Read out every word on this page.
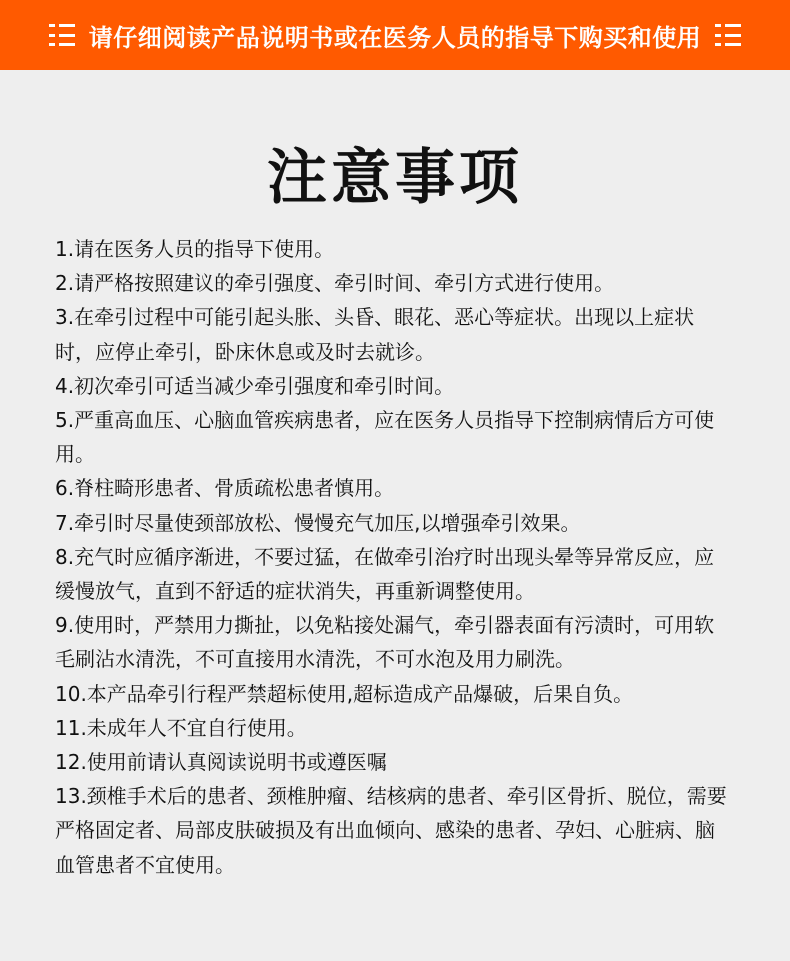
请仔细阅读产品说明书或在医务人员的指导下购买和使用
注意事项
1.请在医务人员的指导下使用。
2.请严格按照建议的牵引强度、牵引时间、牵引方式进行使用。
3.在牵引过程中可能引起头胀、头昏、眼花、恶心等症状。出现以上症状时，应停止牵引，卧床休息或及时去就诊。
4.初次牵引可适当减少牵引强度和牵引时间。
5.严重高血压、心脑血管疾病患者，应在医务人员指导下控制病情后方可使用。
6.脊柱畸形患者、骨质疏松患者慎用。
7.牵引时尽量使颈部放松、慢慢充气加压,以增强牵引效果。
8.充气时应循序渐进，不要过猛，在做牵引治疗时出现头晕等异常反应，应缓慢放气，直到不舒适的症状消失，再重新调整使用。
9.使用时，严禁用力撕扯，以免粘接处漏气，牵引器表面有污渍时，可用软毛刷沾水清洗，不可直接用水清洗，不可水泡及用力刷洗。
10.本产品牵引行程严禁超标使用,超标造成产品爆破，后果自负。
11.未成年人不宜自行使用。
12.使用前请认真阅读说明书或遵医嘱
13.颈椎手术后的患者、颈椎肿瘤、结核病的患者、牵引区骨折、脱位，需要严格固定者、局部皮肤破损及有出血倾向、感染的患者、孕妇、心脏病、脑血管患者不宜使用。
